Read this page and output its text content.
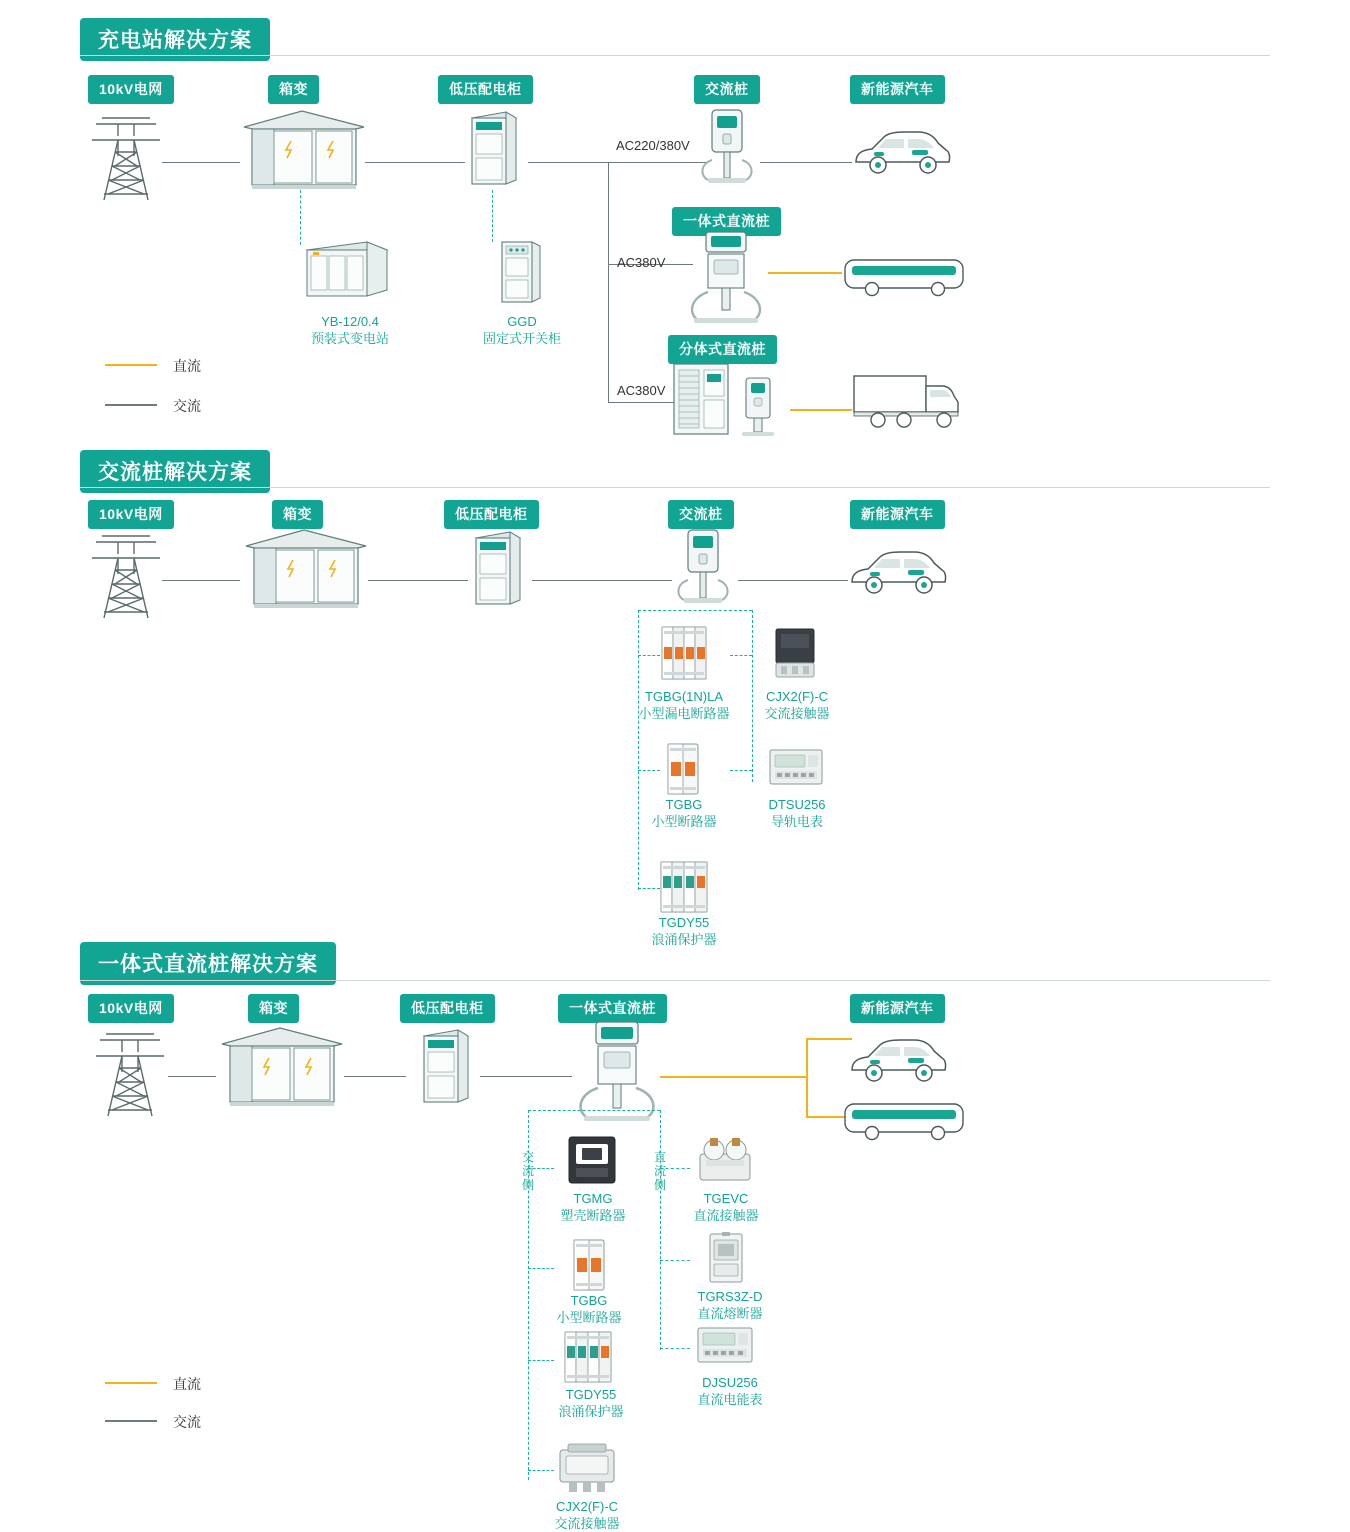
充电站解决方案
10kV电网	箱变	低压配电柜	交流桩	新能源汽车
一体式直流桩
分体式直流桩
AC220/380V
AC380V
AC380V
YB-12/0.4
预装式变电站
GGD
固定式开关柜
直流
交流
交流桩解决方案
10kV电网	箱变	低压配电柜	交流桩	新能源汽车
TGBG(1N)LA
小型漏电断路器
CJX2(F)-C
交流接触器
TGBG
小型断路器
DTSU256
导轨电表
TGDY55
浪涌保护器
一体式直流桩解决方案
10kV电网	箱变	低压配电柜	一体式直流桩	新能源汽车
交流侧
直流侧
TGMG
塑壳断路器
TGBG
小型断路器
TGDY55
浪涌保护器
CJX2(F)-C
交流接触器
TGEVC
直流接触器
TGRS3Z-D
直流熔断器
DJSU256
直流电能表
直流
交流
